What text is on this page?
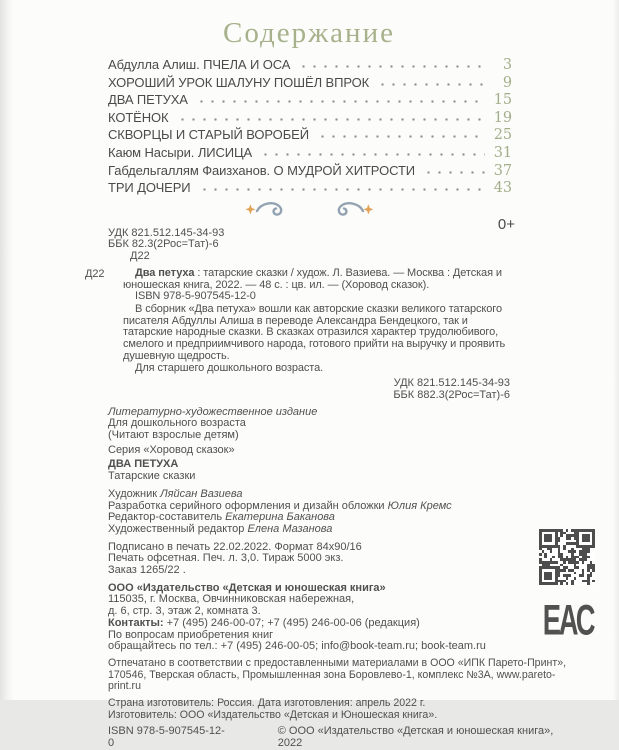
Содержание
Абдулла Алиш. ПЧЕЛА И ОСА	3
ХОРОШИЙ УРОК ШАЛУНУ ПОШЁЛ ВПРОК	9
ДВА ПЕТУХА	15
КОТЁНОК	19
СКВОРЦЫ И СТАРЫЙ ВОРОБЕЙ	25
Каюм Насыри. ЛИСИЦА	31
Габдельгаллям Фаизханов. О МУДРОЙ ХИТРОСТИ	37
ТРИ ДОЧЕРИ	43
УДК 821.512.145-34-93
ББК 82.3(2Рос=Тат)-6
Д22
Д22	Два петуха : татарские сказки / худож. Л. Вазиева. — Москва : Детская и юношеская книга, 2022. — 48 с. : цв. ил. — (Хоровод сказок).

ISBN 978-5-907545-12-0

В сборник «Два петуха» вошли как авторские сказки великого татарского писателя Абдуллы Алиша в переводе Александра Бендецкого, так и татарские народные сказки. В сказках отразился характер трудолюбивого, смелого и предприимчивого народа, готового прийти на выручку и проявить душевную щедрость.

Для старшего дошкольного возраста.

УДК 821.512.145-34-93
ББК 882.3(2Рос=Тат)-6
Литературно-художественное издание
Для дошкольного возраста
(Читают взрослые детям)
Серия «Хоровод сказок»
ДВА ПЕТУХА
Татарские сказки
Художник Ляйсан Вазиева
Разработка серийного оформления и дизайн обложки Юлия Кремс
Редактор-составитель Екатерина Баканова
Художественный редактор Елена Мазанова
Подписано в печать 22.02.2022. Формат 84х90/16
Печать офсетная. Печ. л. 3,0. Тираж 5000 экз.
Заказ 1265/22 .
ООО «Издательство «Детская и юношеская книга»
115035, г. Москва, Овчинниковская набережная,
д. 6, стр. 3, этаж 2, комната 3.
Контакты: +7 (495) 246-00-07; +7 (495) 246-00-06 (редакция)
По вопросам приобретения книг
обращайтесь по тел.: +7 (495) 246-00-05; info@book-team.ru; book-team.ru
Отпечатано в соответствии с предоставленными материалами в ООО «ИПК Парето-Принт»,
170546, Тверская область, Промышленная зона Боровлево-1, комплекс №3А, www.pareto-print.ru
Страна изготовитель: Россия. Дата изготовления: апрель 2022 г.
Изготовитель: ООО «Издательство «Детская и Юношеская книга».
ISBN 978-5-907545-12-0
© ООО «Издательство «Детская и юношеская книга», 2022
0+
ЕАС
